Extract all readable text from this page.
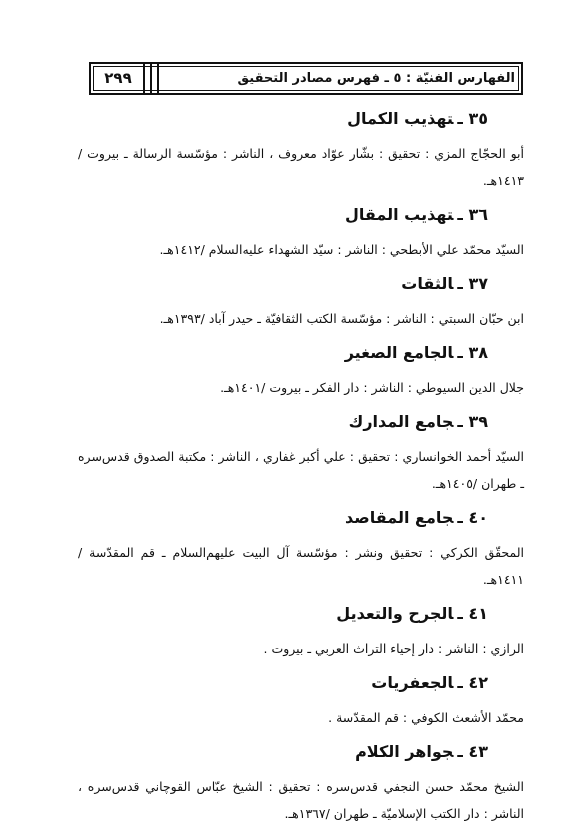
٢٩٩	الفهارس الفنيّة : ٥ ـ فهرس مصادر التحقيق
٣٥ ـتهذيب الكمال
أبو الحجّاج المزي : تحقيق : بشّار عوّاد معروف ، الناشر : مؤسّسة الرسالة ـ بيروت /١٤١٣هـ.
٣٦ ـتهذيب المقال
السيّد محمّد علي الأبطحي : الناشر : سيّد الشهداء عليه‌السلام /١٤١٢هـ.
٣٧ ـالثقات
ابن حبّان السبتي : الناشر : مؤسّسة الكتب الثقافيّة ـ حيدر آباد /١٣٩٣هـ.
٣٨ ـالجامع الصغير
جلال الدين السيوطي : الناشر : دار الفكر ـ بيروت /١٤٠١هـ.
٣٩ ـجامع المدارك
السيّد أحمد الخوانساري : تحقيق : علي أكبر غفاري ، الناشر : مكتبة الصدوق قدس‌سره ـ طهران /١٤٠٥هـ.
٤٠ ـجامع المقاصد
المحقّق الكركي : تحقيق ونشر : مؤسّسة آل البيت عليهم‌السلام ـ قم المقدّسة /١٤١١هـ.
٤١ ـالجرح والتعديل
الرازي : الناشر : دار إحياء التراث العربي ـ بيروت .
٤٢ ـالجعفريات
محمّد الأشعث الكوفي : قم المقدّسة .
٤٣ ـجواهر الكلام
الشيخ محمّد حسن النجفي قدس‌سره : تحقيق : الشيخ عبّاس القوچاني قدس‌سره ، الناشر : دار الكتب الإسلاميّة ـ طهران /١٣٦٧هـ.
